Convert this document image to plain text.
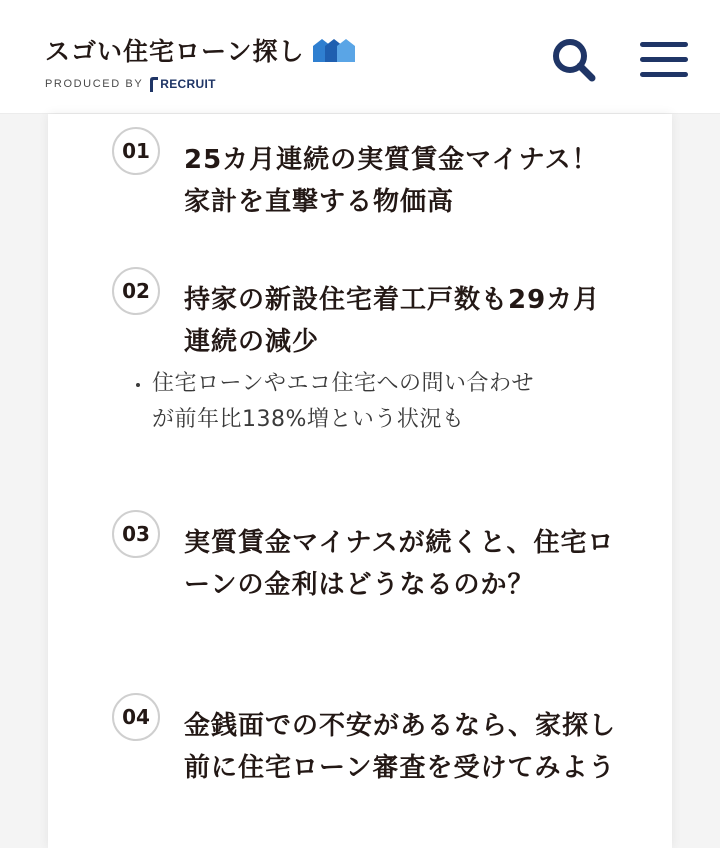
スゴい住宅ローン探し
PRODUCED BY RECRUIT
01	25カ月連続の実質賃金マイナス！家計を直撃する物価高
02	持家の新設住宅着工戸数も29カ月連続の減少
住宅ローンやエコ住宅への問い合わせが前年比138%増という状況も
03	実質賃金マイナスが続くと、住宅ローンの金利はどうなるのか？
04	金銭面での不安があるなら、家探し前に住宅ローン審査を受けてみよう
